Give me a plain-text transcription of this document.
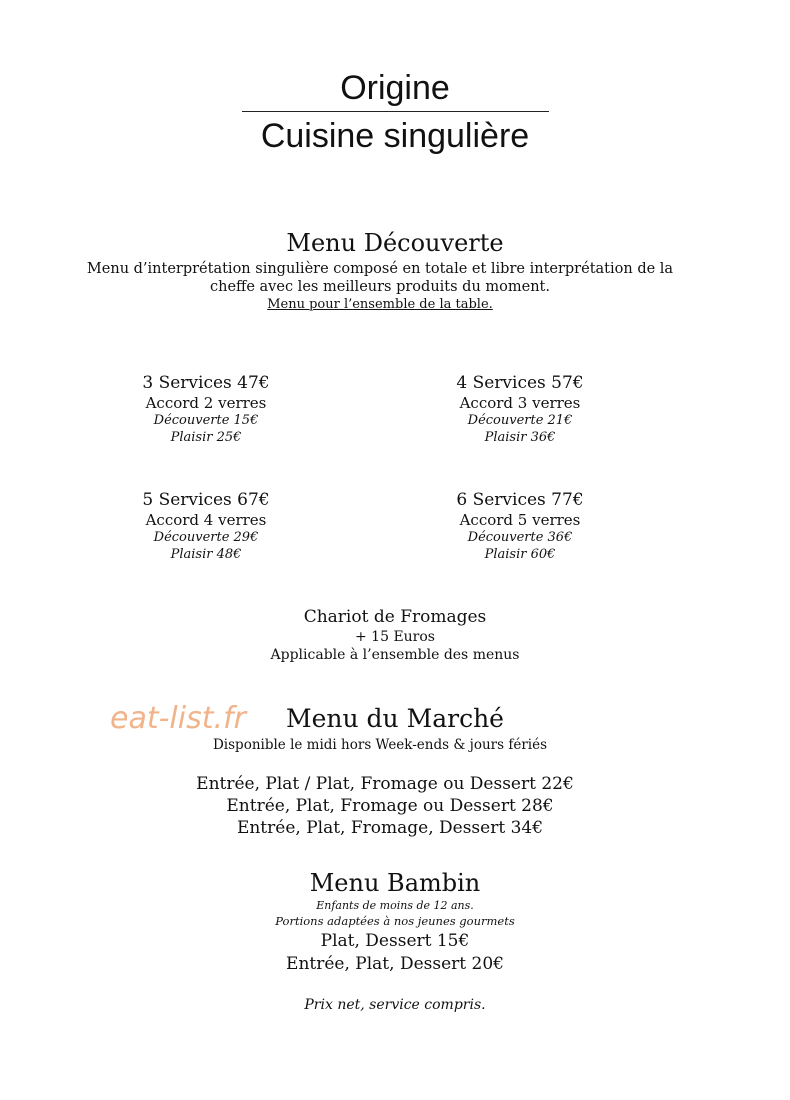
Origine
Cuisine singulière
Menu Découverte
Menu d’interprétation singulière composé en totale et libre interprétation de la
cheffe avec les meilleurs produits du moment.
Menu pour l’ensemble de la table.
3 Services 47€
Accord 2 verres
Découverte 15€
Plaisir 25€
4 Services 57€
Accord 3 verres
Découverte 21€
Plaisir 36€
5 Services 67€
Accord 4 verres
Découverte 29€
Plaisir 48€
6 Services 77€
Accord 5 verres
Découverte 36€
Plaisir 60€
Chariot de Fromages
+ 15 Euros
Applicable à l’ensemble des menus
eat-list.fr	Menu du Marché
Disponible le midi hors Week-ends & jours fériés
Entrée, Plat / Plat, Fromage ou Dessert 22€
Entrée, Plat, Fromage ou Dessert 28€
Entrée, Plat, Fromage, Dessert 34€
Menu Bambin
Enfants de moins de 12 ans.
Portions adaptées à nos jeunes gourmets
Plat, Dessert 15€
Entrée, Plat, Dessert 20€
Prix net, service compris.
